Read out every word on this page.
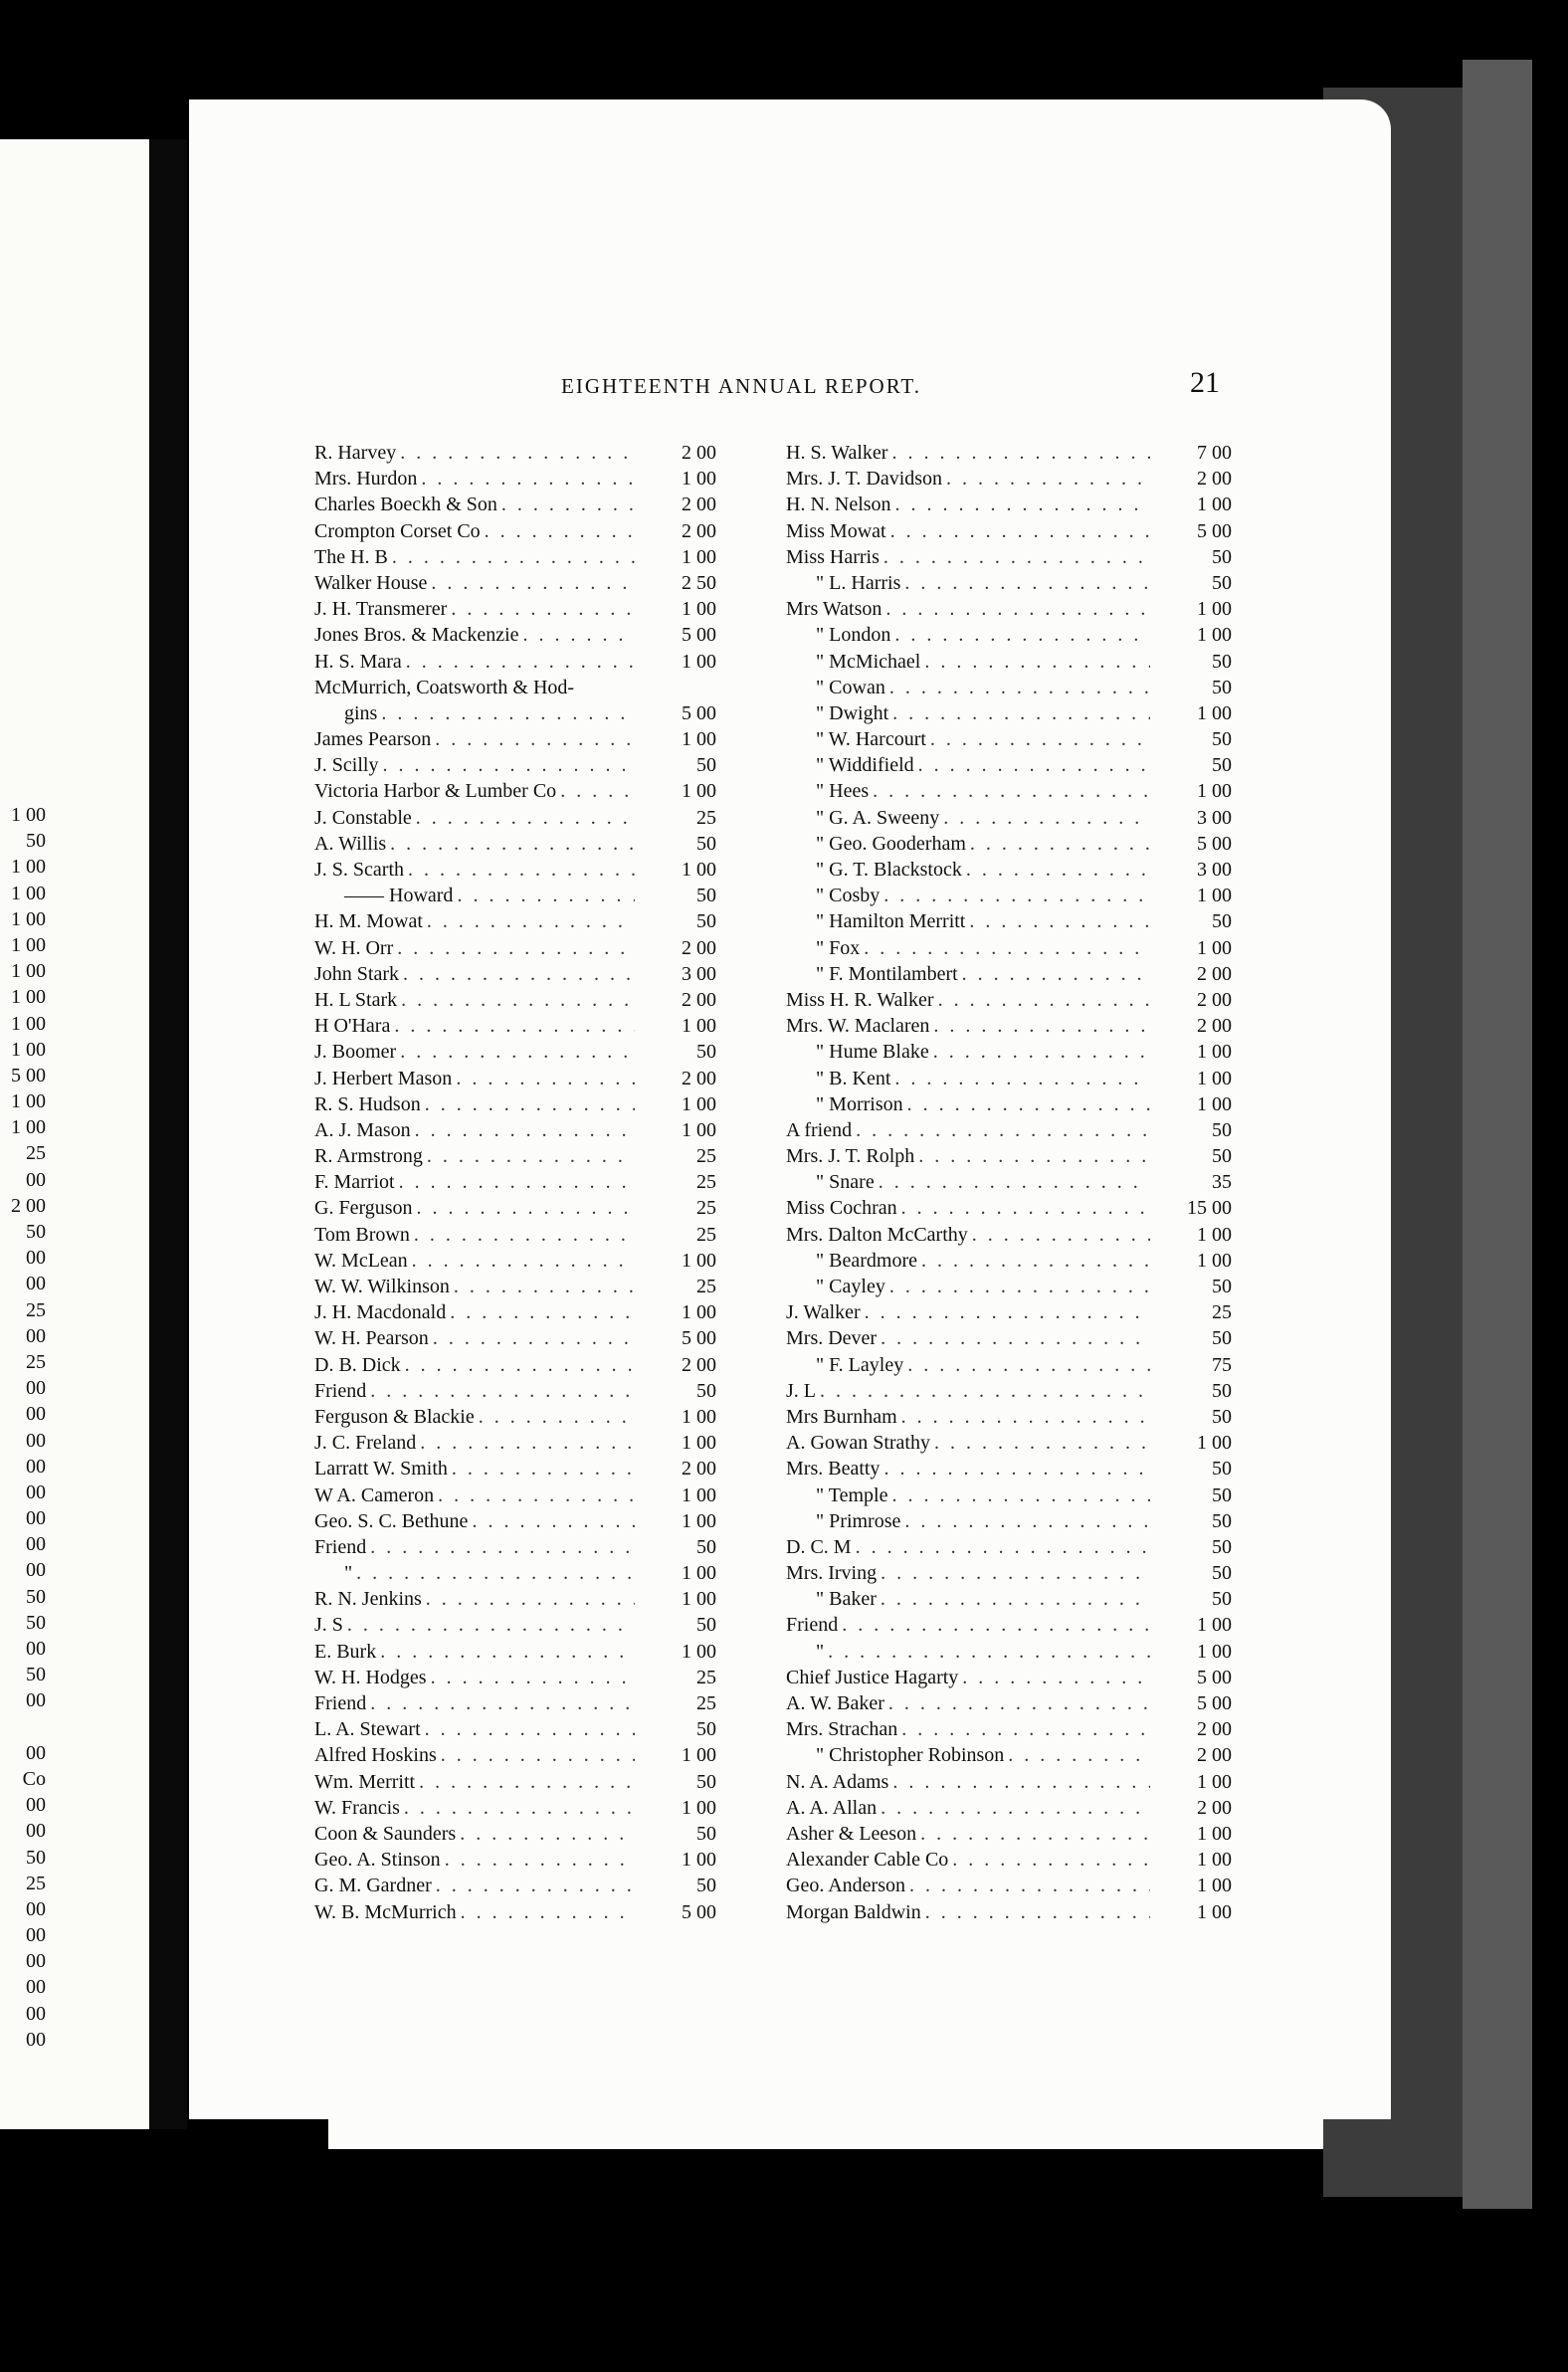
1 00
50
1 00
1 00
1 00
1 00
1 00
1 00
1 00
1 00
5 00
1 00
1 00
25
00
2 00
50
00
00
25
00
25
00
00
00
00
00
00
00
00
50
50
00
50
00
00
Co
00
00
50
25
00
00
00
00
00
00
EIGHTEENTH ANNUAL REPORT.	21
R. Harvey . . .	2 00
Mrs. Hurdon . . .	1 00
Charles Boeckh & Son . . .	2 00
Crompton Corset Co . . .	2 00
The H. B . . .	1 00
Walker House . . .	2 50
J. H. Transmerer . . .	1 00
Jones Bros. & Mackenzie . . .	5 00
H. S. Mara . . .	1 00
McMurrich, Coatsworth & Hod-
gins . . .	5 00
James Pearson . . .	1 00
J. Scilly . . .	50
Victoria Harbor & Lumber Co . . .	1 00
J. Constable . . .	25
A. Willis . . .	50
J. S. Scarth . . .	1 00
—— Howard . . .	50
H. M. Mowat . . .	50
W. H. Orr . . .	2 00
John Stark . . .	3 00
H. L Stark . . .	2 00
H O'Hara . . .	1 00
J. Boomer . . .	50
J. Herbert Mason . . .	2 00
R. S. Hudson . . .	1 00
A. J. Mason . . .	1 00
R. Armstrong . . .	25
F. Marriot . . .	25
G. Ferguson . . .	25
Tom Brown . . .	25
W. McLean . . .	1 00
W. W. Wilkinson . . .	25
J. H. Macdonald . . .	1 00
W. H. Pearson . . .	5 00
D. B. Dick . . .	2 00
Friend . . .	50
Ferguson & Blackie . . .	1 00
J. C. Freland . . .	1 00
Larratt W. Smith . . .	2 00
W A. Cameron . . .	1 00
Geo. S. C. Bethune . . .	1 00
Friend . . .	50
" . . .	1 00
R. N. Jenkins . . .	1 00
J. S . . .	50
E. Burk . . .	1 00
W. H. Hodges . . .	25
Friend . . .	25
L. A. Stewart . . .	50
Alfred Hoskins . . .	1 00
Wm. Merritt . . .	50
W. Francis . . .	1 00
Coon & Saunders . . .	50
Geo. A. Stinson . . .	1 00
G. M. Gardner . . .	50
W. B. McMurrich . . .	5 00
H. S. Walker . . .	7 00
Mrs. J. T. Davidson . . .	2 00
H. N. Nelson . . .	1 00
Miss Mowat . . .	5 00
Miss Harris . . .	50
" L. Harris . . .	50
Mrs Watson . . .	1 00
" London . . .	1 00
" McMichael . . .	50
" Cowan . . .	50
" Dwight . . .	1 00
" W. Harcourt . . .	50
" Widdifield . . .	50
" Hees . . .	1 00
" G. A. Sweeny . . .	3 00
" Geo. Gooderham . . .	5 00
" G. T. Blackstock . . .	3 00
" Cosby . . .	1 00
" Hamilton Merritt . . .	50
" Fox . . .	1 00
" F. Montilambert . . .	2 00
Miss H. R. Walker . . .	2 00
Mrs. W. Maclaren . . .	2 00
" Hume Blake . . .	1 00
" B. Kent . . .	1 00
" Morrison . . .	1 00
A friend . . .	50
Mrs. J. T. Rolph . . .	50
" Snare . . .	35
Miss Cochran . . .	15 00
Mrs. Dalton McCarthy . . .	1 00
" Beardmore . . .	1 00
" Cayley . . .	50
J. Walker . . .	25
Mrs. Dever . . .	50
" F. Layley . . .	75
J. L . . .	50
Mrs Burnham . . .	50
A. Gowan Strathy . . .	1 00
Mrs. Beatty . . .	50
" Temple . . .	50
" Primrose . . .	50
D. C. M . . .	50
Mrs. Irving . . .	50
" Baker . . .	50
Friend . . .	1 00
" . . .	1 00
Chief Justice Hagarty . . .	5 00
A. W. Baker . . .	5 00
Mrs. Strachan . . .	2 00
" Christopher Robinson . . .	2 00
N. A. Adams . . .	1 00
A. A. Allan . . .	2 00
Asher & Leeson . . .	1 00
Alexander Cable Co . . .	1 00
Geo. Anderson . . .	1 00
Morgan Baldwin . . .	1 00
